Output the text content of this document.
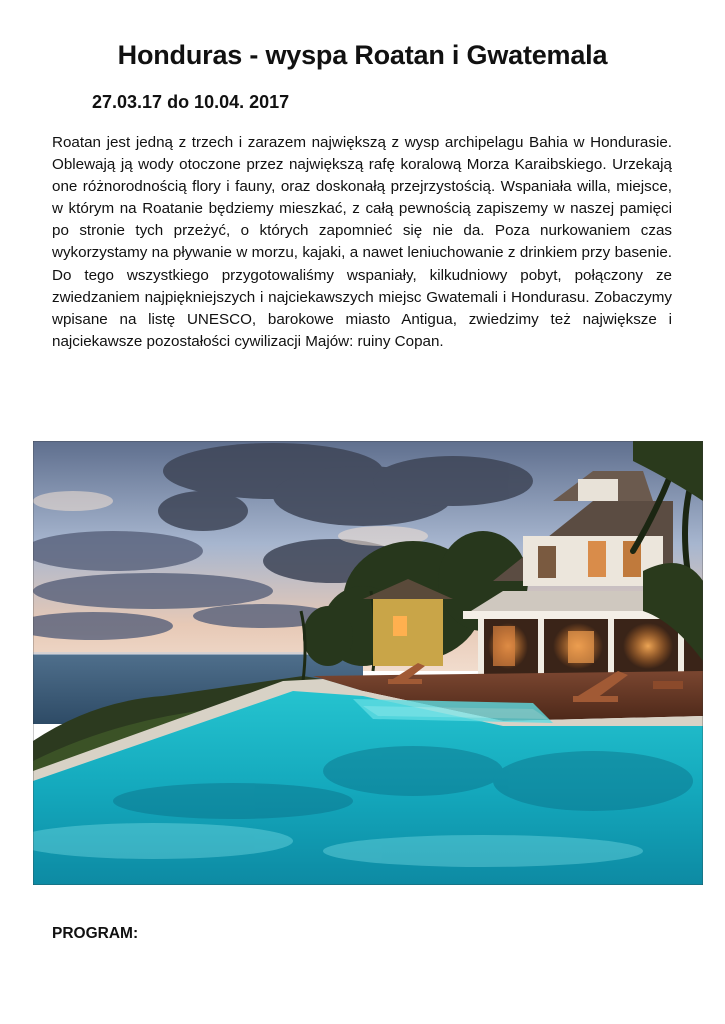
Honduras - wyspa Roatan i Gwatemala
27.03.17 do 10.04. 2017

Roatan jest jedną z trzech i zarazem największą z wysp archipelagu Bahia w Hondurasie. Oblewają ją wody otoczone przez największą rafę koralową Morza Karaibskiego. Urzekają one różnorodnością flory i fauny, oraz doskonałą przejrzystością. Wspaniała willa, miejsce, w którym na Roatanie będziemy mieszkać, z całą pewnością zapiszemy w naszej pamięci po stronie tych przeżyć, o których zapomnieć się nie da. Poza nurkowaniem czas wykorzystamy na pływanie w morzu, kajaki, a nawet leniuchowanie z drinkiem przy basenie. Do tego wszystkiego przygotowaliśmy wspaniały, kilkudniowy pobyt, połączony ze zwiedzaniem najpiękniejszych i najciekawszych miejsc Gwatemali i Hondurasu. Zobaczymy wpisane na listę UNESCO, barokowe miasto Antigua, zwiedzimy też największe i najciekawsze pozostałości cywilizacji Majów: ruiny Copan.

PROGRAM:
